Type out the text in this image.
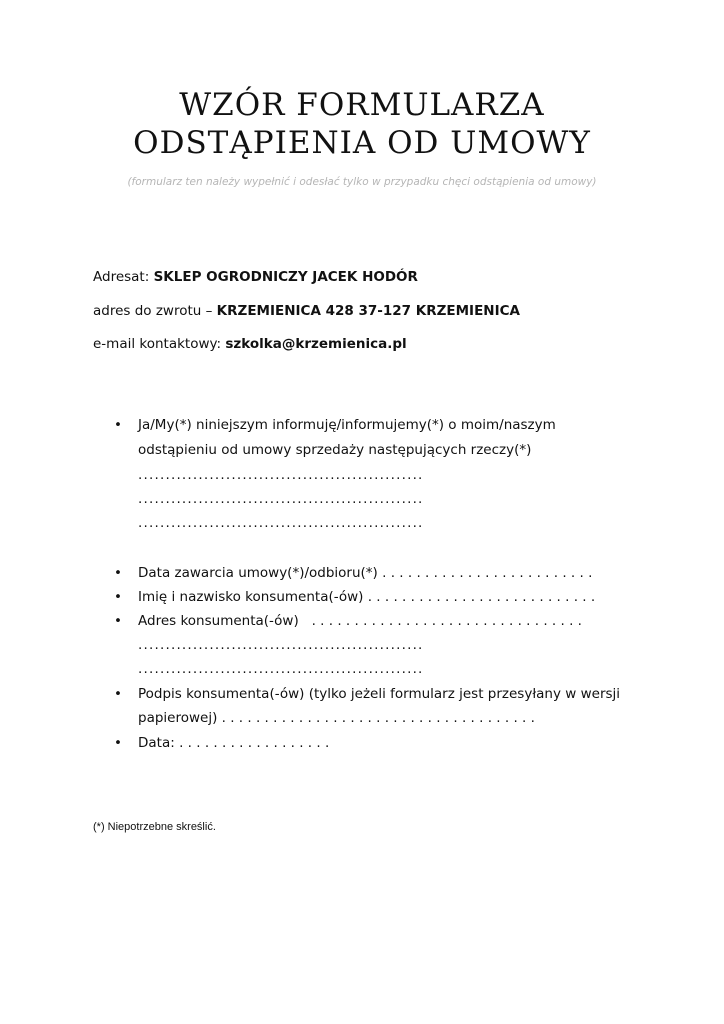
WZÓR FORMULARZA
ODSTĄPIENIA OD UMOWY
(formularz ten należy wypełnić i odesłać tylko w przypadku chęci odstąpienia od umowy)
Adresat: SKLEP OGRODNICZY JACEK HODÓR
adres do zwrotu – KRZEMIENICA 428 37-127 KRZEMIENICA
e-mail kontaktowy: szkolka@krzemienica.pl
• Ja/My(*) niniejszym informuję/informujemy(*) o moim/naszym
odstąpieniu od umowy sprzedaży następujących rzeczy(*)
....................................................
....................................................
....................................................
• Data zawarcia umowy(*)/odbioru(*) . . . . . . . . . . . . . . . . . . . . . . . . .
• Imię i nazwisko konsumenta(-ów) . . . . . . . . . . . . . . . . . . . . . . . . . . .
• Adres konsumenta(-ów)   . . . . . . . . . . . . . . . . . . . . . . . . . . . . . . . .
....................................................
....................................................
• Podpis konsumenta(-ów) (tylko jeżeli formularz jest przesyłany w wersji
papierowej) . . . . . . . . . . . . . . . . . . . . . . . . . . . . . . . . . . . . .
• Data: . . . . . . . . . . . . . . . . . .
(*) Niepotrzebne skreślić.
